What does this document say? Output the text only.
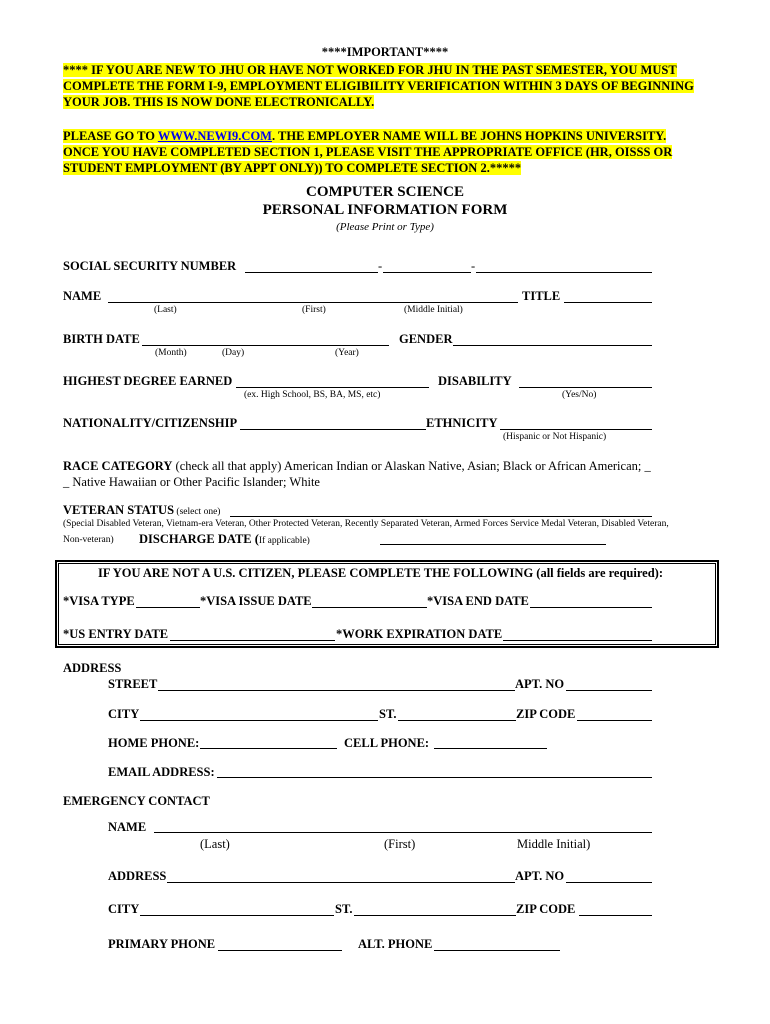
****IMPORTANT****
**** IF YOU ARE NEW TO JHU OR HAVE NOT WORKED FOR JHU IN THE PAST SEMESTER, YOU MUST
COMPLETE THE FORM I-9, EMPLOYMENT ELIGIBILITY VERIFICATION WITHIN 3 DAYS OF BEGINNING
YOUR JOB. THIS IS NOW DONE ELECTRONICALLY.

PLEASE GO TO WWW.NEWI9.COM. THE EMPLOYER NAME WILL BE JOHNS HOPKINS UNIVERSITY.
ONCE YOU HAVE COMPLETED SECTION 1, PLEASE VISIT THE APPROPRIATE OFFICE (HR, OISSS OR
STUDENT EMPLOYMENT (BY APPT ONLY)) TO COMPLETE SECTION 2.*****
COMPUTER SCIENCE
PERSONAL INFORMATION FORM
(Please Print or Type)
SOCIAL SECURITY NUMBER	-	-
NAME	TITLE
(Last)	(First)	(Middle Initial)
BIRTH DATE	GENDER
(Month)	(Day)	(Year)
HIGHEST DEGREE EARNED	DISABILITY
(ex. High School, BS, BA, MS, etc)	(Yes/No)
NATIONALITY/CITIZENSHIP	ETHNICITY
(Hispanic or Not Hispanic)
RACE CATEGORY (check all that apply) American Indian or Alaskan Native, Asian; Black or African American; _
_ Native Hawaiian or Other Pacific Islander; White
VETERAN STATUS (select one)
(Special Disabled Veteran, Vietnam-era Veteran, Other Protected Veteran, Recently Separated Veteran, Armed Forces Service Medal Veteran, Disabled Veteran,
Non-veteran) DISCHARGE DATE (If applicable)
IF YOU ARE NOT A U.S. CITIZEN, PLEASE COMPLETE THE FOLLOWING (all fields are required):
*VISA TYPE	*VISA ISSUE DATE	*VISA END DATE
*US ENTRY DATE	*WORK EXPIRATION DATE
ADDRESS
STREET	APT. NO
CITY	ST.	ZIP CODE
HOME PHONE:	CELL PHONE:
EMAIL ADDRESS:
EMERGENCY CONTACT
NAME
(Last)	(First)	Middle Initial)
ADDRESS	APT. NO
CITY	ST.	ZIP CODE
PRIMARY PHONE	ALT. PHONE
